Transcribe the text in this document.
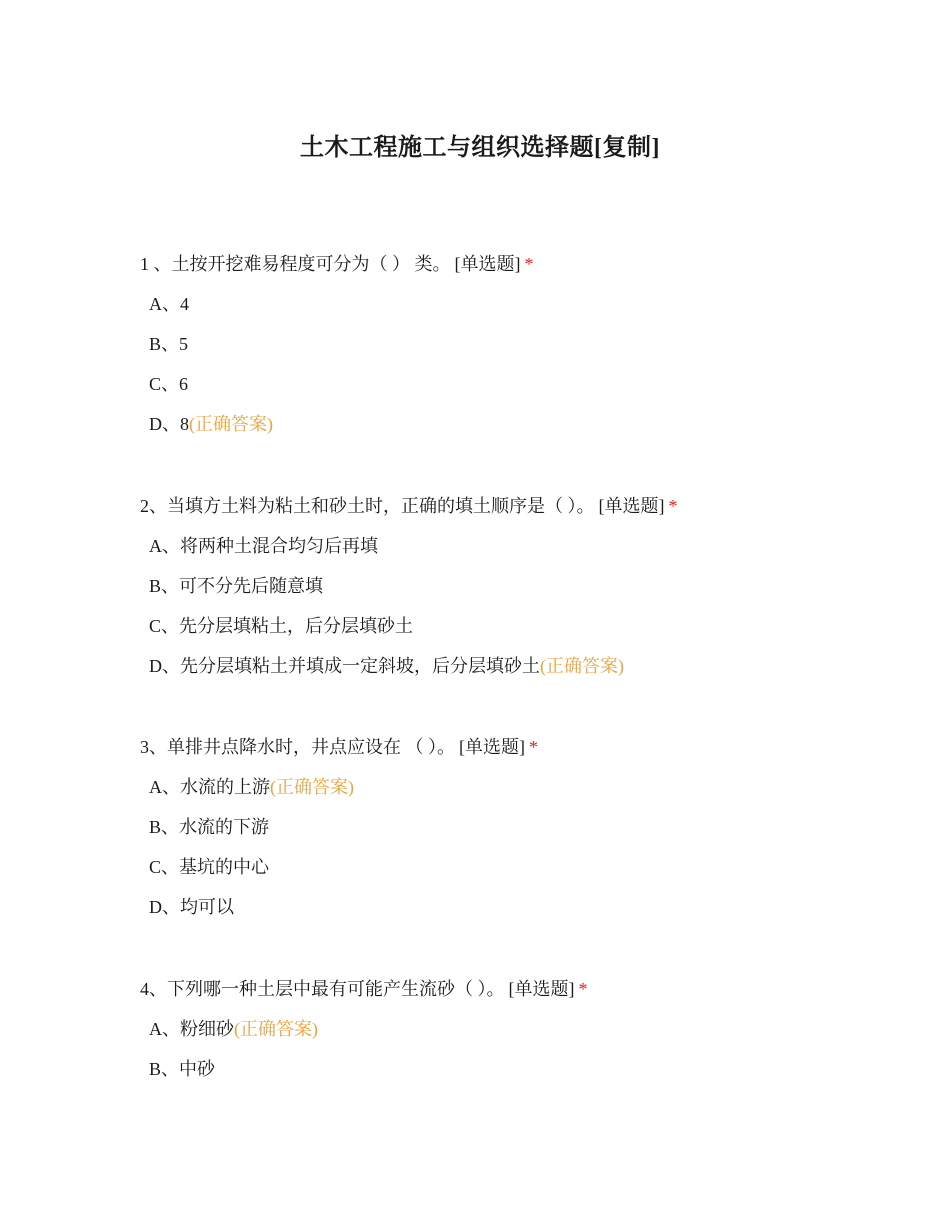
土木工程施工与组织选择题[复制]
1 、土按开挖难易程度可分为（ ） 类。 [单选题] *
A、4
B、5
C、6
D、8(正确答案)
2、当填方土料为粘土和砂土时，正确的填土顺序是（ ）。 [单选题] *
A、将两种土混合均匀后再填
B、可不分先后随意填
C、先分层填粘土，后分层填砂土
D、先分层填粘土并填成一定斜坡，后分层填砂土(正确答案)
3、单排井点降水时，井点应设在 （ ）。 [单选题] *
A、水流的上游(正确答案)
B、水流的下游
C、基坑的中心
D、均可以
4、下列哪一种土层中最有可能产生流砂（ ）。 [单选题] *
A、粉细砂(正确答案)
B、中砂
